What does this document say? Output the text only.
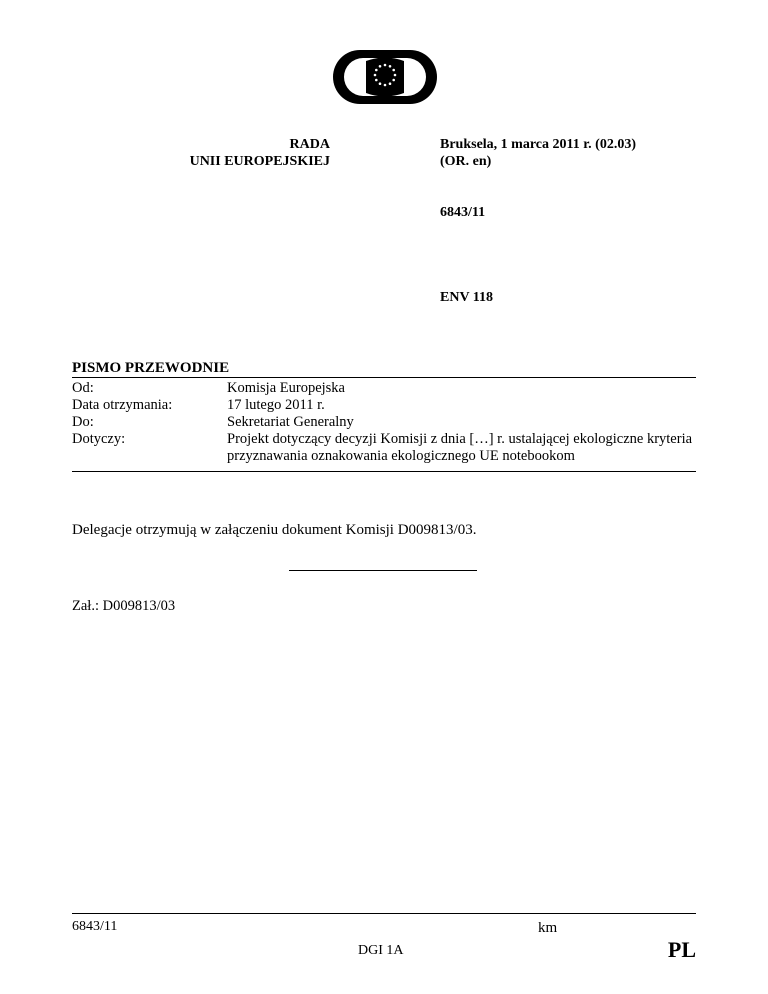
RADA
UNII EUROPEJSKIEJ
Bruksela, 1 marca 2011 r. (02.03)
(OR. en)
6843/11
ENV 118
PISMO PRZEWODNIE
Od:	Komisja Europejska
Data otrzymania:	17 lutego 2011 r.
Do:	Sekretariat Generalny
Dotyczy:	Projekt dotyczący decyzji Komisji z dnia […] r. ustalającej ekologiczne kryteria przyznawania oznakowania ekologicznego UE notebookom
Delegacje otrzymują w załączeniu dokument Komisji D009813/03.
Zał.: D009813/03
6843/11	km
DGI 1A	PL
